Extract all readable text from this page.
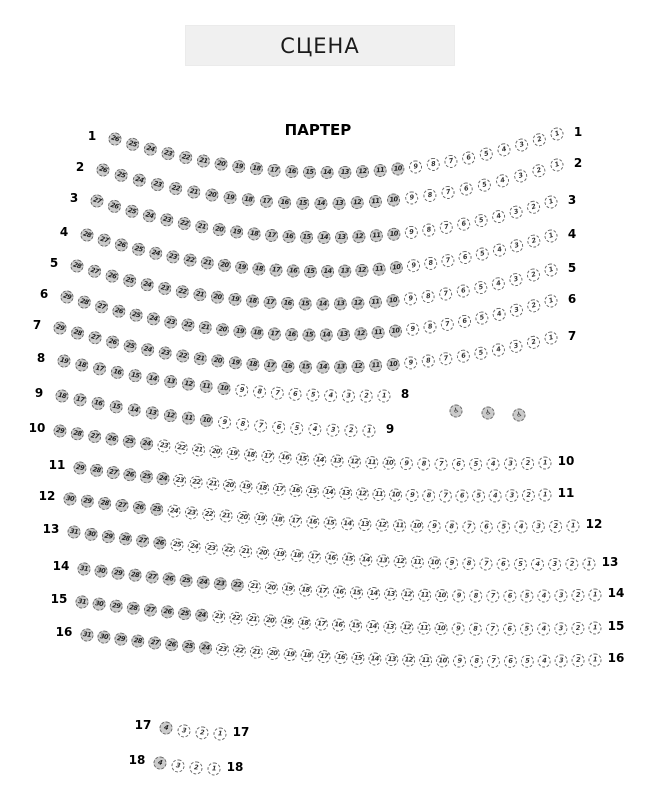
СЦЕНА
ПАРТЕР
26
25 24 23 22 21 20 19 18 17 16 15 14 13 12 11 10 9 8 7 6 5 4
3
2
1
1	1
26
25 24 23 22 21 20 19 18 17 16 15 14 13 12 11 10 9 8 7 6 5 4
3
2
1
2	2
27
26 25 24 23 22 21 20 19 18 17 16 15 14 13 12 11 10 9 8 7 6 5 4
3
2
1
3	3
28
27 26 25 24 23 22 21 20 19 18 17 16 15 14 13 12 11 10 9 8 7 6 5 4 3
2
1
4	4
28
27 26 25 24 23 22 21 20 19 18 17 16 15 14 13 12 11 10 9 8 7 6 5 4 3
2
1
5	5
29
28 27 26 25 24 23 22 21 20 19 18 17 16 15 14 13 12 11 10 9 8 7 6 5 4 3
2
1
6	6
29
28 27 26 25 24 23 22 21 20 19 18 17 16 15 14 13 12 11 10 9 8 7 6 5 4 3 2 1
7
7
19 18 17 16 15 14 13 12 11 10 9 8 7 6 5 4 3 2 1
8
8
18 17 16 15 14 13 12 11 10 9 8 7 6 5 4 3 2 1
9
9
29 28 27 26 25 24 23 22 21 20 19 18 17 16 15 14 13 12 11 10 9 8 7 6 5 4 3 2 1
10
10
29 28 27 26 25 24 23 22 21 20 19 18 17 16 15 14 13 12 11 10 9 8 7 6 5 4 3 2 1
11
11
30 29 28 27 26 25 24 23 22 21 20 19 18 17 16 15 14 13 12 11 10 9 8 7 6 5 4 3 2 1
12
12
31 30 29 28 27 26 25 24 23 22 21 20 19 18 17 16 15 14 13 12 11 10 9 8 7 6 5 4 3 2 1
13
13
31 30 29 28 27 26 25 24 23 22 21 20 19 18 17 16 15 14 13 12 11 10 9 8 7 6 5 4 3 2 1
14
14
31 30 29 28 27 26 25 24 23 22 21 20 19 18 17 16 15 14 13 12 11 10 9 8 7 6 5 4 3 2 1
15
15
31 30 29 28 27 26 25 24 23 22 21 20 19 18 17 16 15 14 13 12 11 10 9 8 7 6 5 4 3 2 1
16
16
4 3 2 1
17	17
4 3 2 1
18	18
♿	♿	♿
